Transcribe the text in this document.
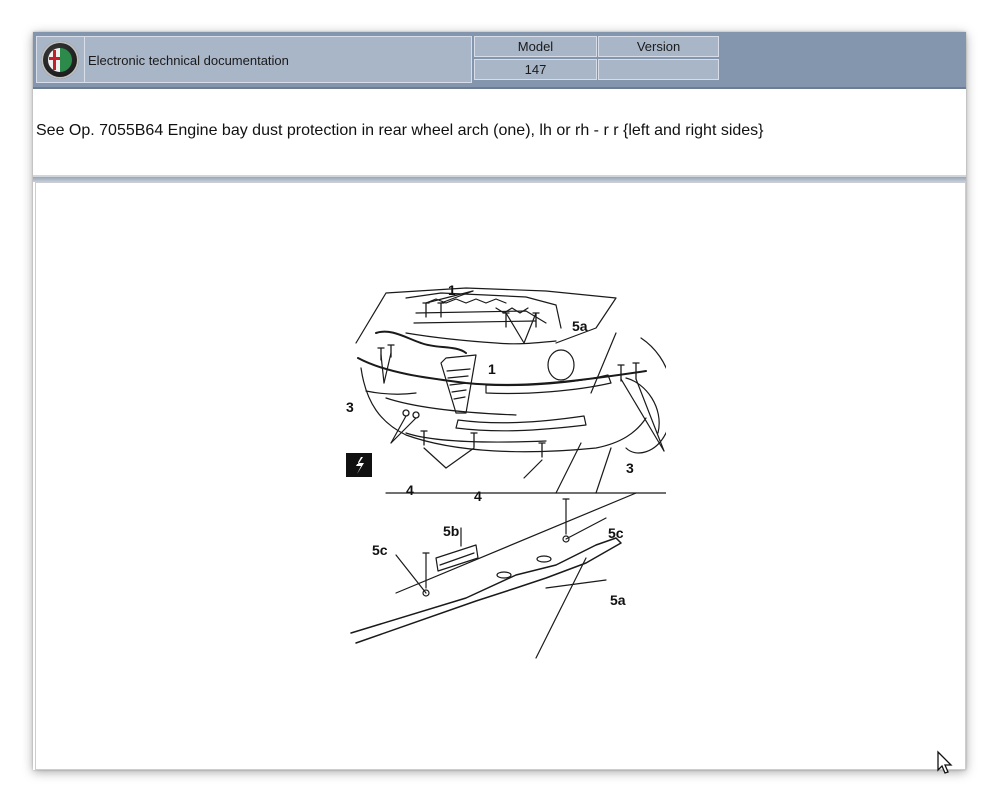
Electronic technical documentation
Model	Version
147
See Op. 7055B64 Engine bay dust protection in rear wheel arch (one), lh or rh - r r {left and right sides}
1
1
3
2
4	4
5a
3
5b
5c
5c
5a
